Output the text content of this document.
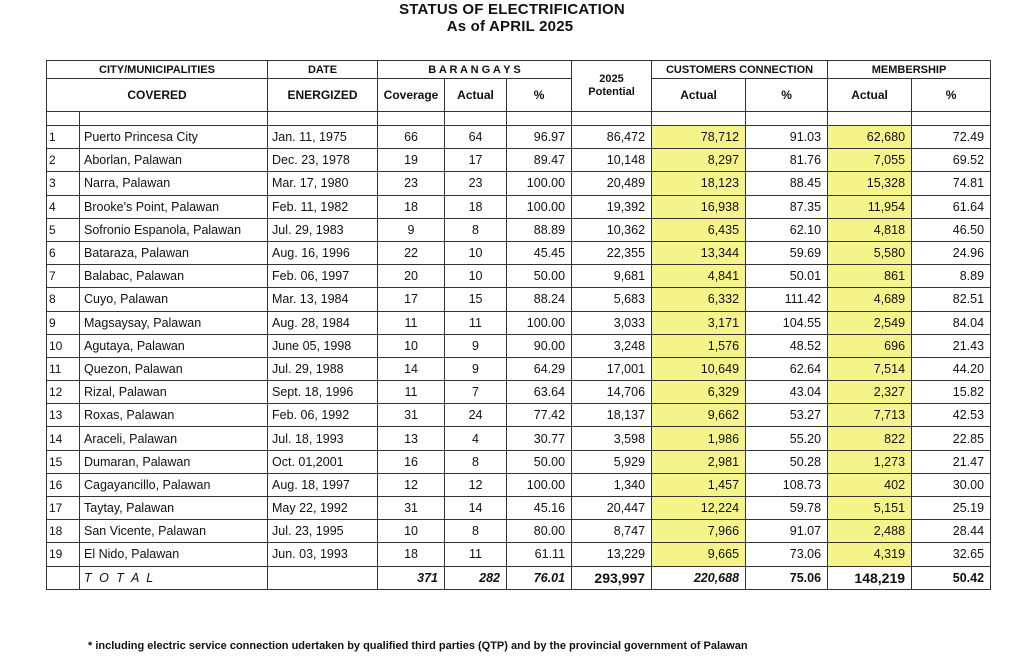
STATUS OF ELECTRIFICATION
As of APRIL 2025
CITY/MUNICIPALITIES		DATE	B A R A N G A Y S			2025
Potential	CUSTOMERS CONNECTION		MEMBERSHIP	
COVERED		ENERGIZED	Coverage	Actual	%		Actual	%	Actual	%

1	Puerto Princesa City	Jan. 11, 1975	66	64	96.97	86,472	78,712	91.03	62,680	72.49
2	Aborlan, Palawan	Dec. 23, 1978	19	17	89.47	10,148	8,297	81.76	7,055	69.52
3	Narra, Palawan	Mar. 17, 1980	23	23	100.00	20,489	18,123	88.45	15,328	74.81
4	Brooke's Point, Palawan	Feb. 11, 1982	18	18	100.00	19,392	16,938	87.35	11,954	61.64
5	Sofronio Espanola, Palawan	Jul. 29, 1983	9	8	88.89	10,362	6,435	62.10	4,818	46.50
6	Bataraza, Palawan	Aug. 16, 1996	22	10	45.45	22,355	13,344	59.69	5,580	24.96
7	Balabac, Palawan	Feb. 06, 1997	20	10	50.00	9,681	4,841	50.01	861	8.89
8	Cuyo, Palawan	Mar. 13, 1984	17	15	88.24	5,683	6,332	111.42	4,689	82.51
9	Magsaysay, Palawan	Aug. 28, 1984	11	11	100.00	3,033	3,171	104.55	2,549	84.04
10	Agutaya, Palawan	June 05, 1998	10	9	90.00	3,248	1,576	48.52	696	21.43
11	Quezon, Palawan	Jul. 29, 1988	14	9	64.29	17,001	10,649	62.64	7,514	44.20
12	Rizal, Palawan	Sept. 18, 1996	11	7	63.64	14,706	6,329	43.04	2,327	15.82
13	Roxas, Palawan	Feb. 06, 1992	31	24	77.42	18,137	9,662	53.27	7,713	42.53
14	Araceli, Palawan	Jul. 18, 1993	13	4	30.77	3,598	1,986	55.20	822	22.85
15	Dumaran, Palawan	Oct. 01,2001	16	8	50.00	5,929	2,981	50.28	1,273	21.47
16	Cagayancillo, Palawan	Aug. 18, 1997	12	12	100.00	1,340	1,457	108.73	402	30.00
17	Taytay, Palawan	May 22, 1992	31	14	45.16	20,447	12,224	59.78	5,151	25.19
18	San Vicente, Palawan	Jul. 23, 1995	10	8	80.00	8,747	7,966	91.07	2,488	28.44
19	El Nido, Palawan	Jun. 03, 1993	18	11	61.11	13,229	9,665	73.06	4,319	32.65
	T O T A L		371	282	76.01	293,997	220,688	75.06	148,219	50.42
* including electric service connection udertaken by qualified third parties (QTP) and by the provincial government of Palawan
